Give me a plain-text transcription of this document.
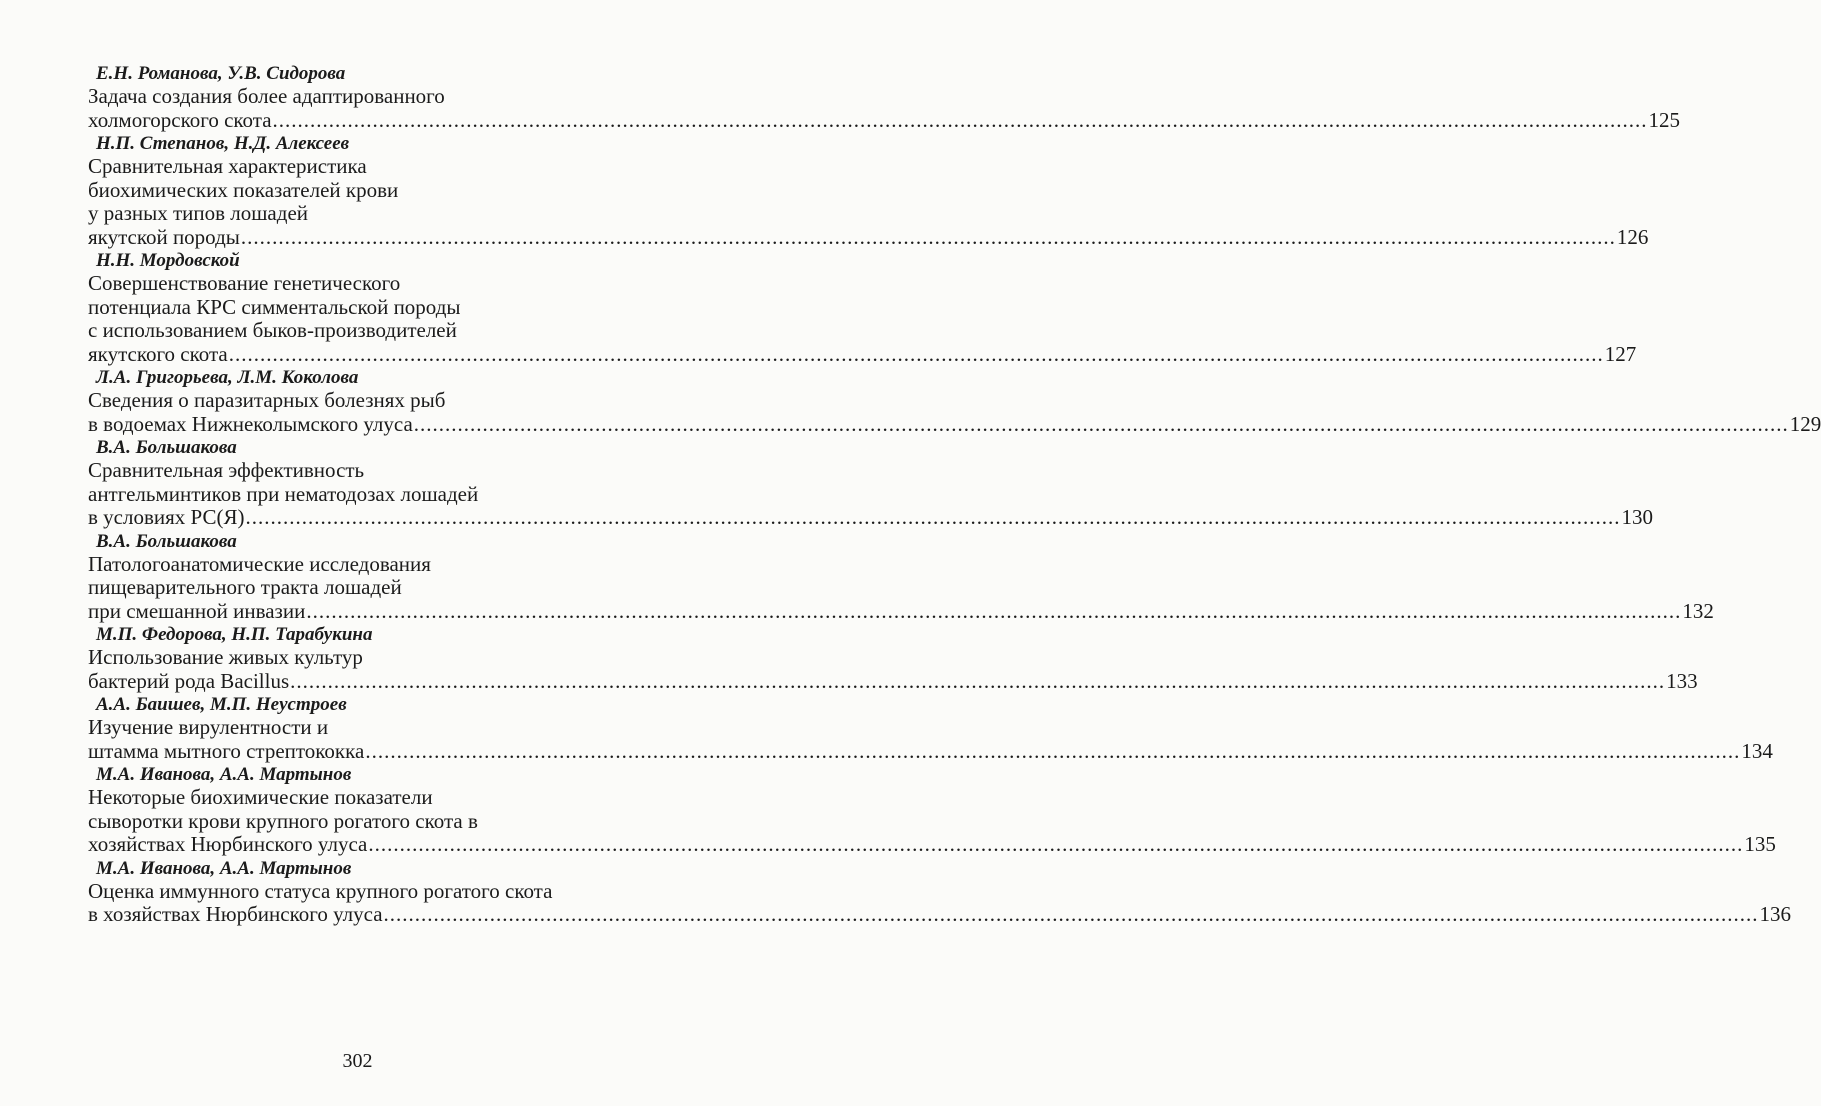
Е.Н. Романова, У.В. Сидорова
Задача создания более адаптированного
холмогорского скота ............................................................................................................................................................................................................................ 125
Н.П. Степанов, Н.Д. Алексеев
Сравнительная характеристика
биохимических показателей крови
у разных типов лошадей
якутской породы ............................................................................................................................................................................................................................ 126
Н.Н. Мордовской
Совершенствование генетического
потенциала КРС симментальской породы
с использованием быков-производителей
якутского скота ............................................................................................................................................................................................................................ 127
Л.А. Григорьева, Л.М. Коколова
Сведения о паразитарных болезнях рыб
в водоемах Нижнеколымского улуса ............................................................................................................................................................................................................................ 129
В.А. Большакова
Сравнительная эффективность
антгельминтиков при нематодозах лошадей
в условиях РС(Я) ............................................................................................................................................................................................................................ 130
В.А. Большакова
Патологоанатомические исследования
пищеварительного тракта лошадей
при смешанной инвазии ............................................................................................................................................................................................................................ 132
М.П. Федорова, Н.П. Тарабукина
Использование живых культур
бактерий рода Bacillus ............................................................................................................................................................................................................................ 133
А.А. Баишев, М.П. Неустроев
Изучение вирулентности и
штамма мытного стрептококка ............................................................................................................................................................................................................................ 134
М.А. Иванова, А.А. Мартынов
Некоторые биохимические показатели
сыворотки крови крупного рогатого скота в
хозяйствах Нюрбинского улуса ............................................................................................................................................................................................................................ 135
М.А. Иванова, А.А. Мартынов
Оценка иммунного статуса крупного рогатого скота
в хозяйствах Нюрбинского улуса ............................................................................................................................................................................................................................ 136
302
